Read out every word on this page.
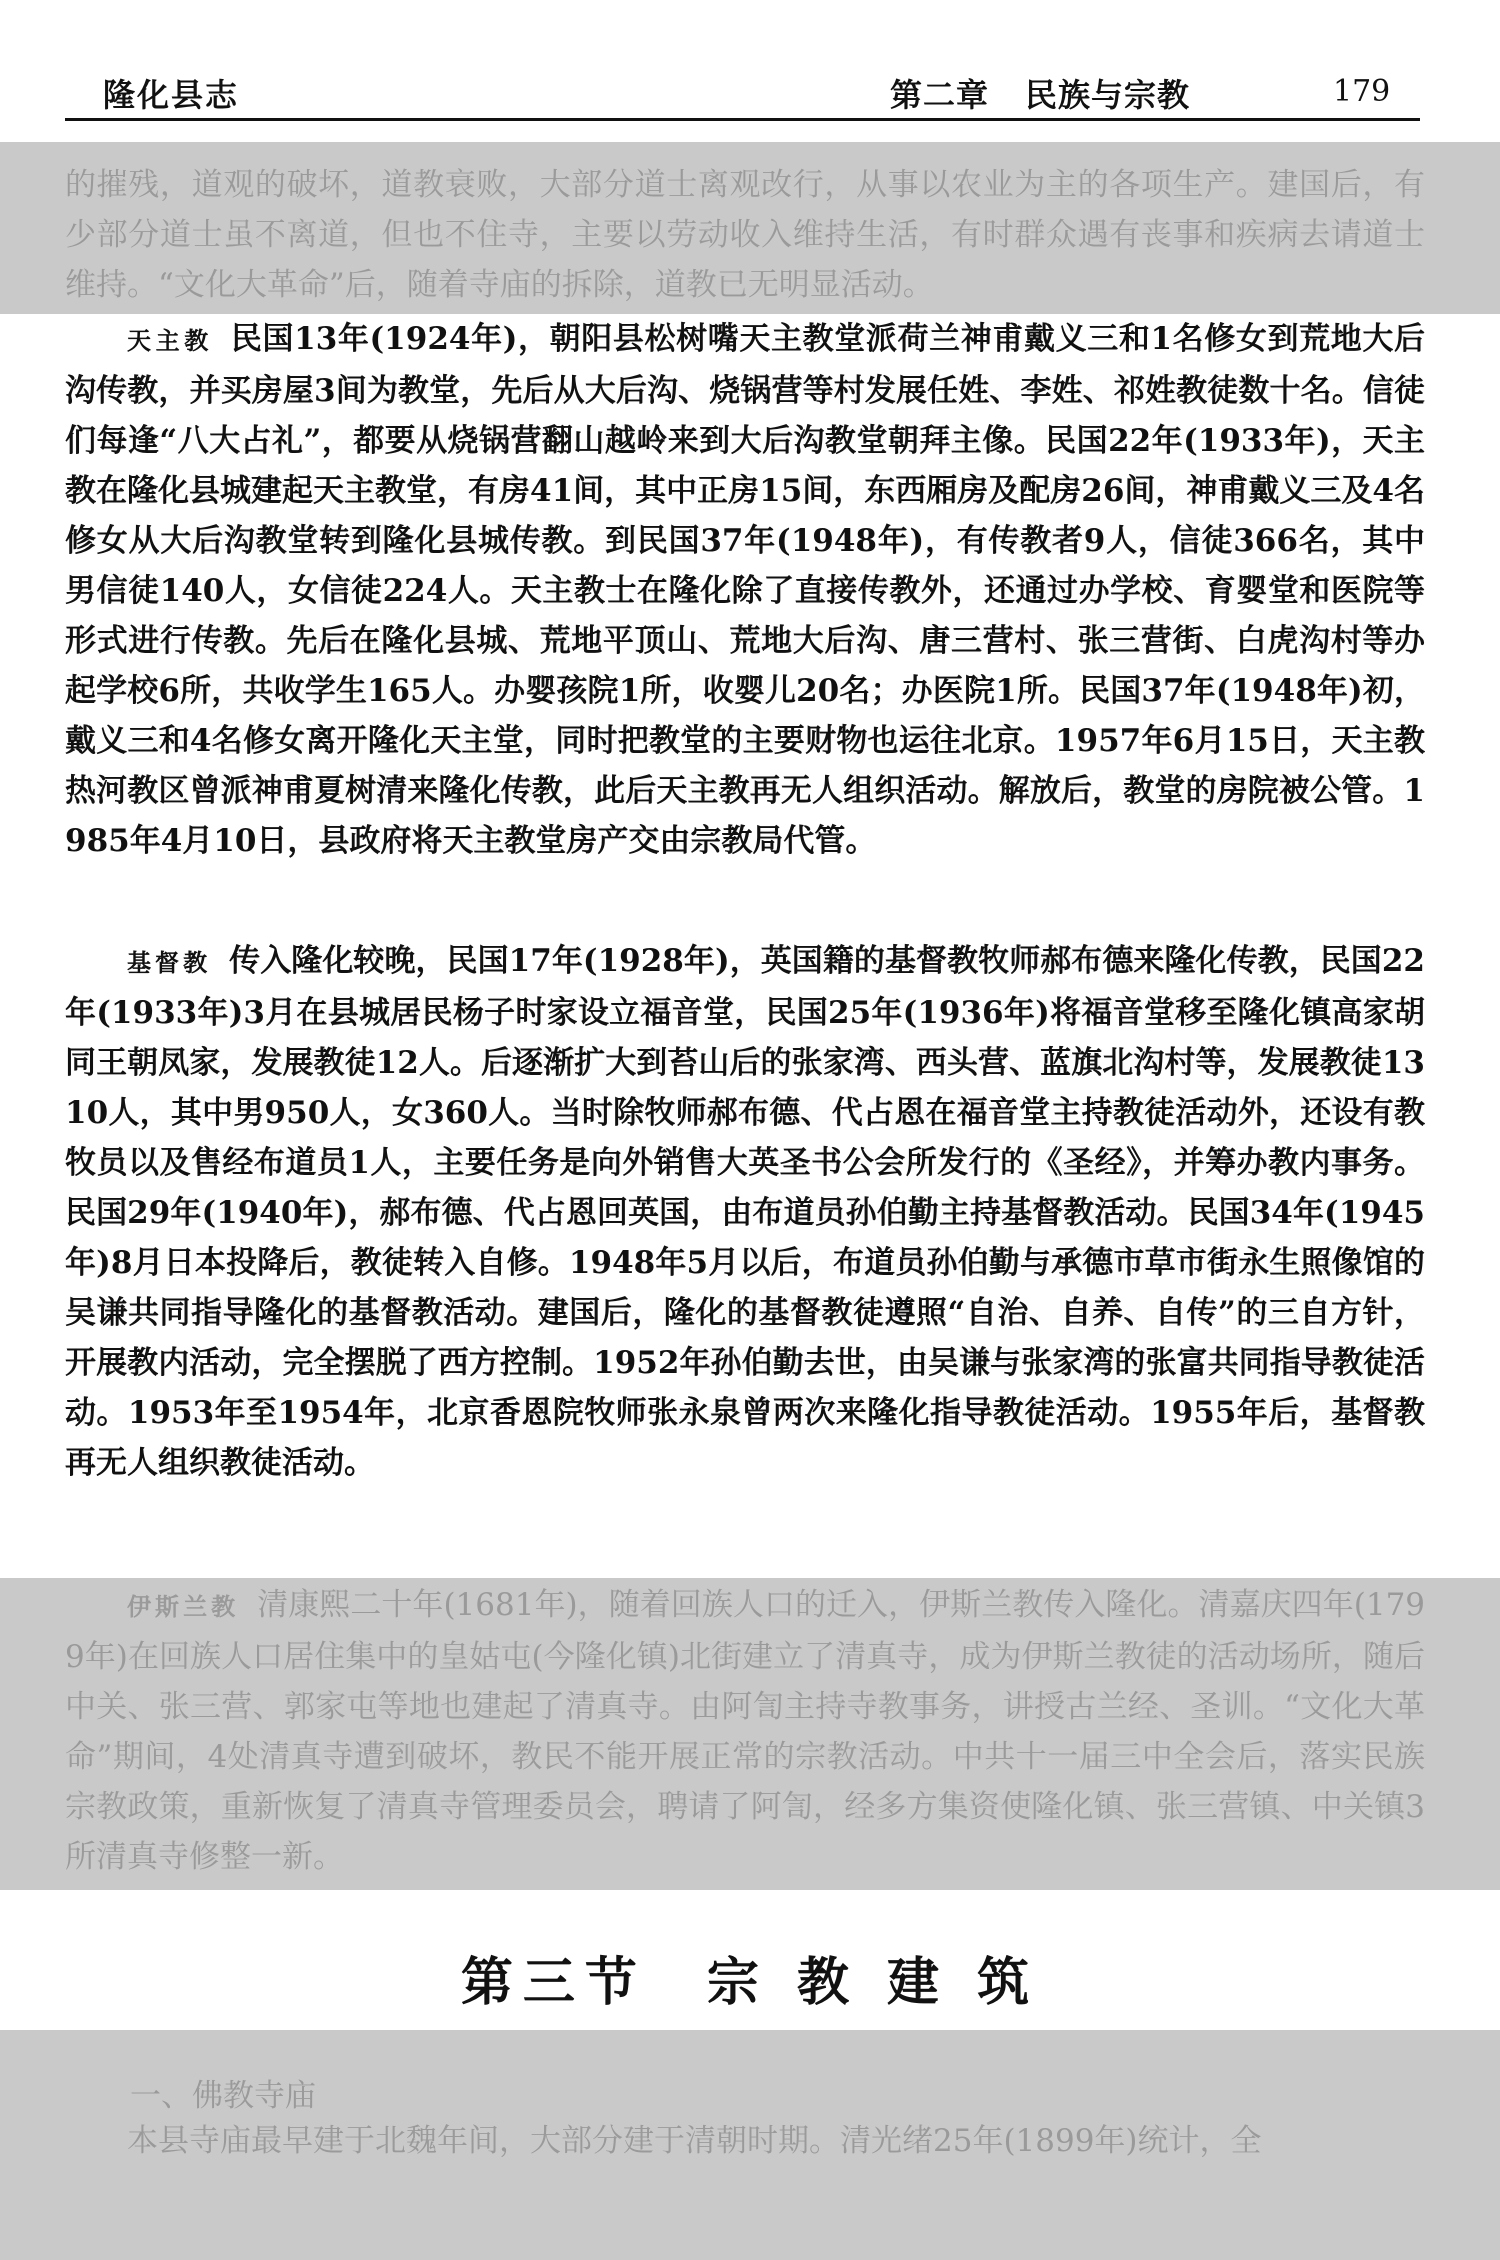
隆化县志	第二章 民族与宗教	179
的摧残，道观的破坏，道教衰败，大部分道士离观改行，从事以农业为主的各项生产。建国后，有少部分道士虽不离道，但也不住寺，主要以劳动收入维持生活，有时群众遇有丧事和疾病去请道士维持。“文化大革命”后，随着寺庙的拆除，道教已无明显活动。
天主教 民国13年(1924年)，朝阳县松树嘴天主教堂派荷兰神甫戴义三和1名修女到荒地大后沟传教，并买房屋3间为教堂，先后从大后沟、烧锅营等村发展任姓、李姓、祁姓教徒数十名。信徒们每逢“八大占礼”，都要从烧锅营翻山越岭来到大后沟教堂朝拜主像。民国22年(1933年)，天主教在隆化县城建起天主教堂，有房41间，其中正房15间，东西厢房及配房26间，神甫戴义三及4名修女从大后沟教堂转到隆化县城传教。到民国37年(1948年)，有传教者9人，信徒366名，其中男信徒140人，女信徒224人。天主教士在隆化除了直接传教外，还通过办学校、育婴堂和医院等形式进行传教。先后在隆化县城、荒地平顶山、荒地大后沟、唐三营村、张三营街、白虎沟村等办起学校6所，共收学生165人。办婴孩院1所，收婴儿20名；办医院1所。民国37年(1948年)初，戴义三和4名修女离开隆化天主堂，同时把教堂的主要财物也运往北京。1957年6月15日，天主教热河教区曾派神甫夏树清来隆化传教，此后天主教再无人组织活动。解放后，教堂的房院被公管。1985年4月10日，县政府将天主教堂房产交由宗教局代管。
基督教 传入隆化较晚，民国17年(1928年)，英国籍的基督教牧师郝布德来隆化传教，民国22年(1933年)3月在县城居民杨子时家设立福音堂，民国25年(1936年)将福音堂移至隆化镇高家胡同王朝凤家，发展教徒12人。后逐渐扩大到苔山后的张家湾、西头营、蓝旗北沟村等，发展教徒1310人，其中男950人，女360人。当时除牧师郝布德、代占恩在福音堂主持教徒活动外，还设有教牧员以及售经布道员1人，主要任务是向外销售大英圣书公会所发行的《圣经》，并筹办教内事务。民国29年(1940年)，郝布德、代占恩回英国，由布道员孙伯勤主持基督教活动。民国34年(1945年)8月日本投降后，教徒转入自修。1948年5月以后，布道员孙伯勤与承德市草市街永生照像馆的吴谦共同指导隆化的基督教活动。建国后，隆化的基督教徒遵照“自治、自养、自传”的三自方针，开展教内活动，完全摆脱了西方控制。1952年孙伯勤去世，由吴谦与张家湾的张富共同指导教徒活动。1953年至1954年，北京香恩院牧师张永泉曾两次来隆化指导教徒活动。1955年后，基督教再无人组织教徒活动。
伊斯兰教 清康熙二十年(1681年)，随着回族人口的迁入，伊斯兰教传入隆化。清嘉庆四年(1799年)在回族人口居住集中的皇姑屯(今隆化镇)北街建立了清真寺，成为伊斯兰教徒的活动场所，随后中关、张三营、郭家屯等地也建起了清真寺。由阿訇主持寺教事务，讲授古兰经、圣训。“文化大革命”期间，4处清真寺遭到破坏，教民不能开展正常的宗教活动。中共十一届三中全会后，落实民族宗教政策，重新恢复了清真寺管理委员会，聘请了阿訇，经多方集资使隆化镇、张三营镇、中关镇3所清真寺修整一新。
第三节 宗 教 建 筑
一、佛教寺庙
本县寺庙最早建于北魏年间，大部分建于清朝时期。清光绪25年(1899年)统计，全
